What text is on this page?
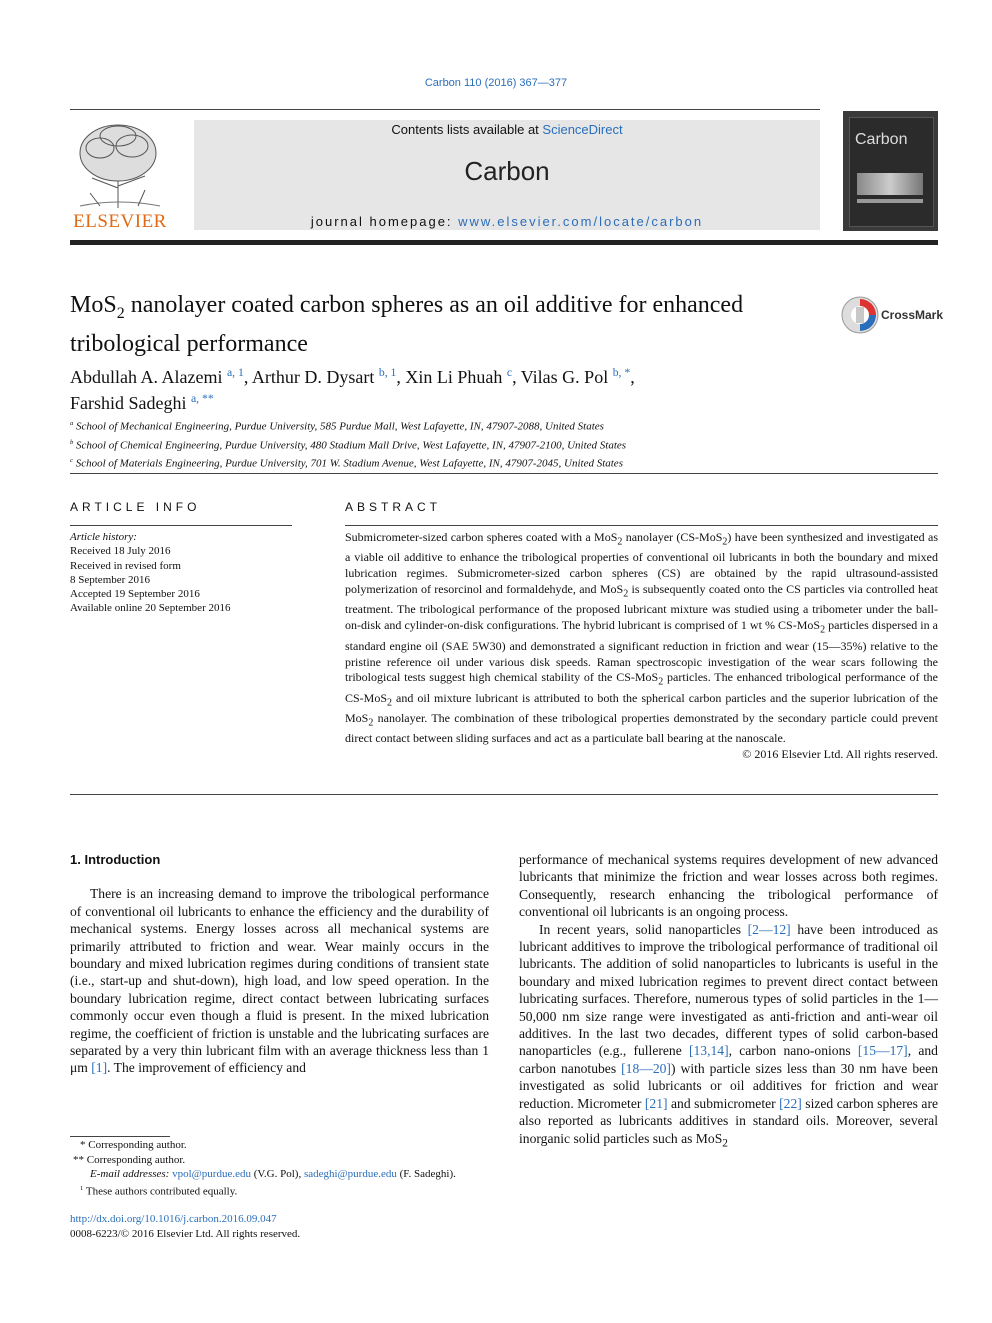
Carbon 110 (2016) 367—377
ELSEVIER
Contents lists available at ScienceDirect
Carbon
journal homepage: www.elsevier.com/locate/carbon
Carbon
MoS$_2$ nanolayer coated carbon spheres as an oil additive for enhanced
tribological performance
CrossMark
Abdullah A. Alazemi $^{a, 1}$, Arthur D. Dysart $^{b, 1}$, Xin Li Phuah $^c$, Vilas G. Pol $^{b, *}$,
Farshid Sadeghi $^{a, **}$
$^a$ School of Mechanical Engineering, Purdue University, 585 Purdue Mall, West Lafayette, IN, 47907-2088, United States
$^b$ School of Chemical Engineering, Purdue University, 480 Stadium Mall Drive, West Lafayette, IN, 47907-2100, United States
$^c$ School of Materials Engineering, Purdue University, 701 W. Stadium Avenue, West Lafayette, IN, 47907-2045, United States
ARTICLE INFO
Article history:
Received 18 July 2016
Received in revised form
8 September 2016
Accepted 19 September 2016
Available online 20 September 2016
ABSTRACT
Submicrometer-sized carbon spheres coated with a MoS$_2$ nanolayer (CS-MoS$_2$) have been synthesized and investigated as a viable oil additive to enhance the tribological properties of conventional oil lubricants in both the boundary and mixed lubrication regimes. Submicrometer-sized carbon spheres (CS) are obtained by the rapid ultrasound-assisted polymerization of resorcinol and formaldehyde, and MoS$_2$ is subsequently coated onto the CS particles via controlled heat treatment. The tribological performance of the proposed lubricant mixture was studied using a tribometer under the ball-on-disk and cylinder-on-disk configurations. The hybrid lubricant is comprised of 1 wt % CS-MoS$_2$ particles dispersed in a standard engine oil (SAE 5W30) and demonstrated a significant reduction in friction and wear (15—35%) relative to the pristine reference oil under various disk speeds. Raman spectroscopic investigation of the wear scars following the tribological tests suggest high chemical stability of the CS-MoS$_2$ particles. The enhanced tribological performance of the CS-MoS$_2$ and oil mixture lubricant is attributed to both the spherical carbon particles and the superior lubrication of the MoS$_2$ nanolayer. The combination of these tribological properties demonstrated by the secondary particle could prevent direct contact between sliding surfaces and act as a particulate ball bearing at the nanoscale.
© 2016 Elsevier Ltd. All rights reserved.

1. Introduction

There is an increasing demand to improve the tribological performance of conventional oil lubricants to enhance the efficiency and the durability of mechanical systems. Energy losses across all mechanical systems are primarily attributed to friction and wear. Wear mainly occurs in the boundary and mixed lubrication regimes during conditions of transient state (i.e., start-up and shut-down), high load, and low speed operation. In the boundary lubrication regime, direct contact between lubricating surfaces commonly occur even though a fluid is present. In the mixed lubrication regime, the coefficient of friction is unstable and the lubricating surfaces are separated by a very thin lubricant film with an average thickness less than 1 μm [1]. The improvement of efficiency and

performance of mechanical systems requires development of new advanced lubricants that minimize the friction and wear losses across both regimes. Consequently, research enhancing the tribological performance of conventional oil lubricants is an ongoing process.

In recent years, solid nanoparticles [2—12] have been introduced as lubricant additives to improve the tribological performance of traditional oil lubricants. The addition of solid nanoparticles to lubricants is useful in the boundary and mixed lubrication regimes to prevent direct contact between lubricating surfaces. Therefore, numerous types of solid particles in the 1—50,000 nm size range were investigated as anti-friction and anti-wear oil additives. In the last two decades, different types of solid carbon-based nanoparticles (e.g., fullerene [13,14], carbon nano-onions [15—17], and carbon nanotubes [18—20]) with particle sizes less than 30 nm have been investigated as solid lubricants or oil additives for friction and wear reduction. Micrometer [21] and submicrometer [22] sized carbon spheres are also reported as lubricants additives in standard oils. Moreover, several inorganic solid particles such as MoS$_2$

* Corresponding author.
** Corresponding author.
E-mail addresses: vpol@purdue.edu (V.G. Pol), sadeghi@purdue.edu (F. Sadeghi).
$^1$ These authors contributed equally.
http://dx.doi.org/10.1016/j.carbon.2016.09.047
0008-6223/© 2016 Elsevier Ltd. All rights reserved.
